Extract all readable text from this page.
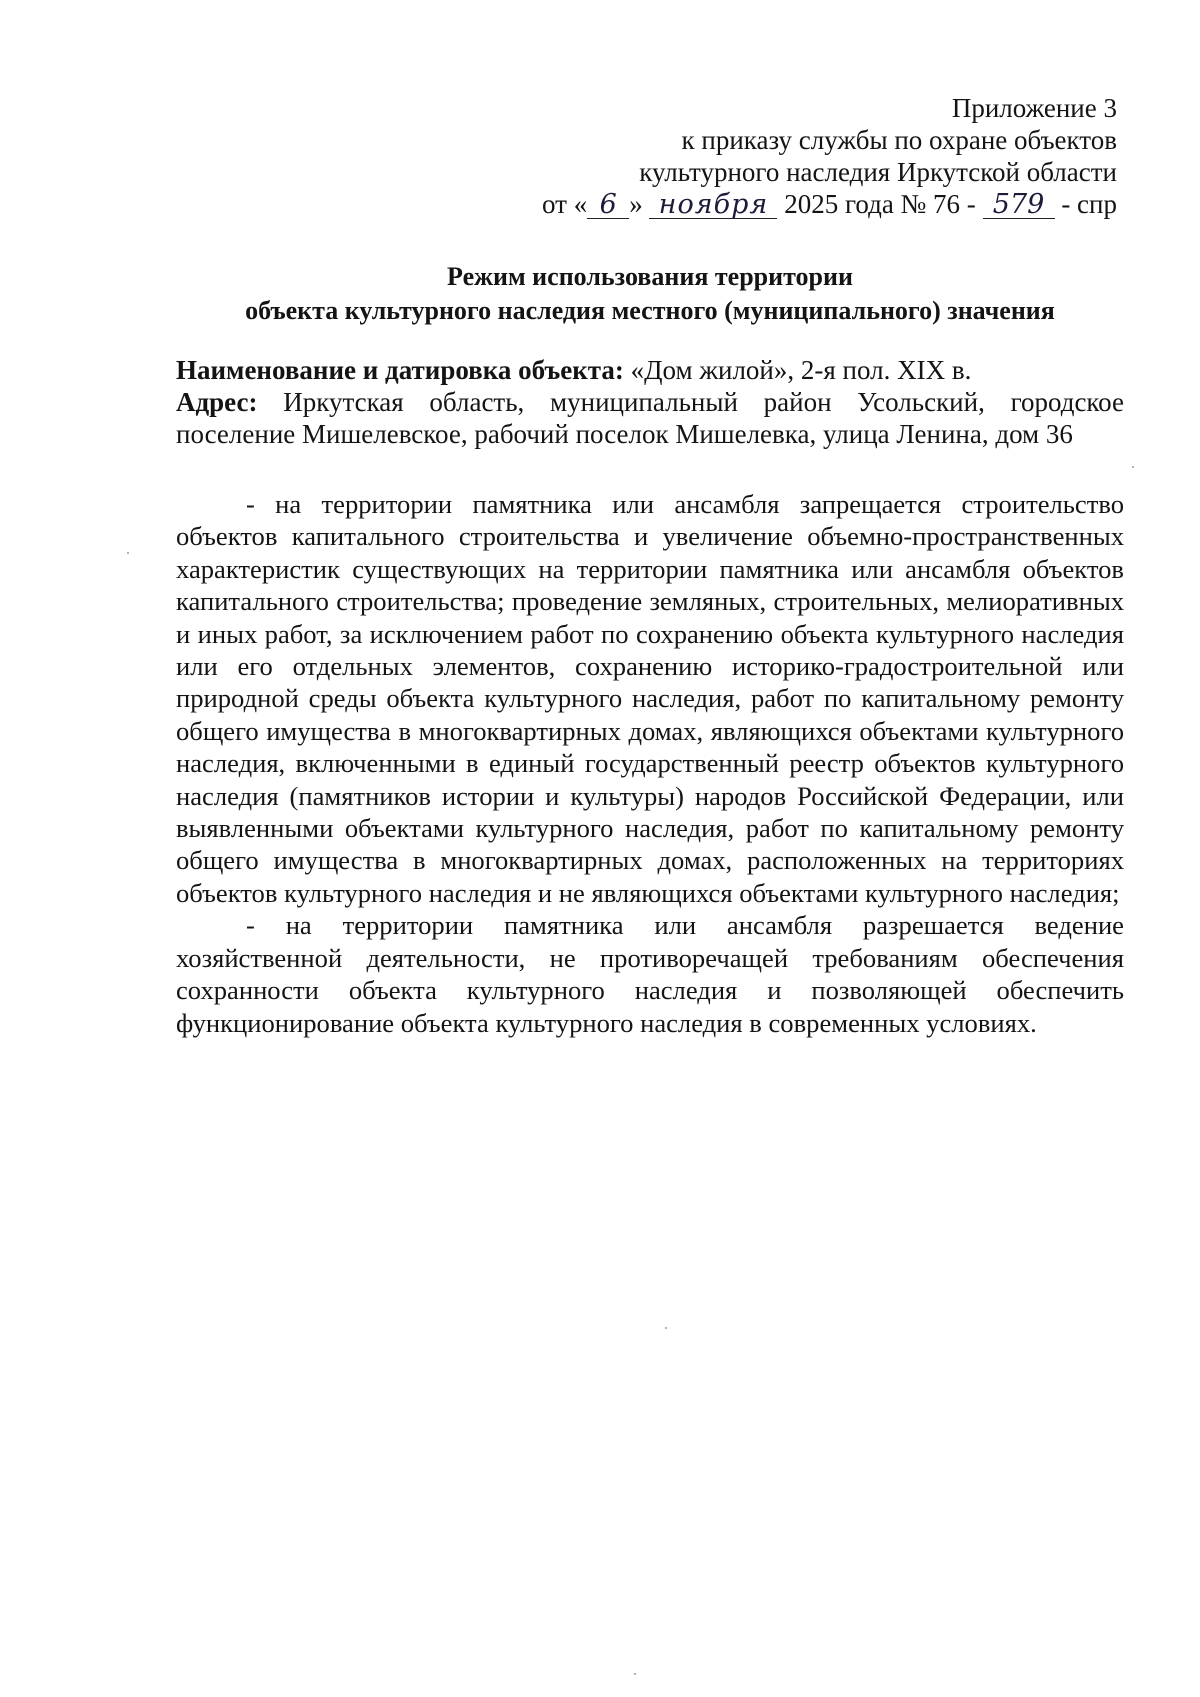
Приложение 3
к приказу службы по охране объектов
культурного наследия Иркутской области
от « 6 » ноября 2025 года № 76 - 579 - спр
Режим использования территории
объекта культурного наследия местного (муниципального) значения
Наименование и датировка объекта: «Дом жилой», 2-я пол. XIX в.
Адрес: Иркутская область, муниципальный район Усольский, городское поселение Мишелевское, рабочий поселок Мишелевка, улица Ленина, дом 36

- на территории памятника или ансамбля запрещается строительство объектов капитального строительства и увеличение объемно-пространственных характеристик существующих на территории памятника или ансамбля объектов капитального строительства; проведение земляных, строительных, мелиоративных и иных работ, за исключением работ по сохранению объекта культурного наследия или его отдельных элементов, сохранению историко-градостроительной или природной среды объекта культурного наследия, работ по капитальному ремонту общего имущества в многоквартирных домах, являющихся объектами культурного наследия, включенными в единый государственный реестр объектов культурного наследия (памятников истории и культуры) народов Российской Федерации, или выявленными объектами культурного наследия, работ по капитальному ремонту общего имущества в многоквартирных домах, расположенных на территориях объектов культурного наследия и не являющихся объектами культурного наследия;

- на территории памятника или ансамбля разрешается ведение хозяйственной деятельности, не противоречащей требованиям обеспечения сохранности объекта культурного наследия и позволяющей обеспечить функционирование объекта культурного наследия в современных условиях.
